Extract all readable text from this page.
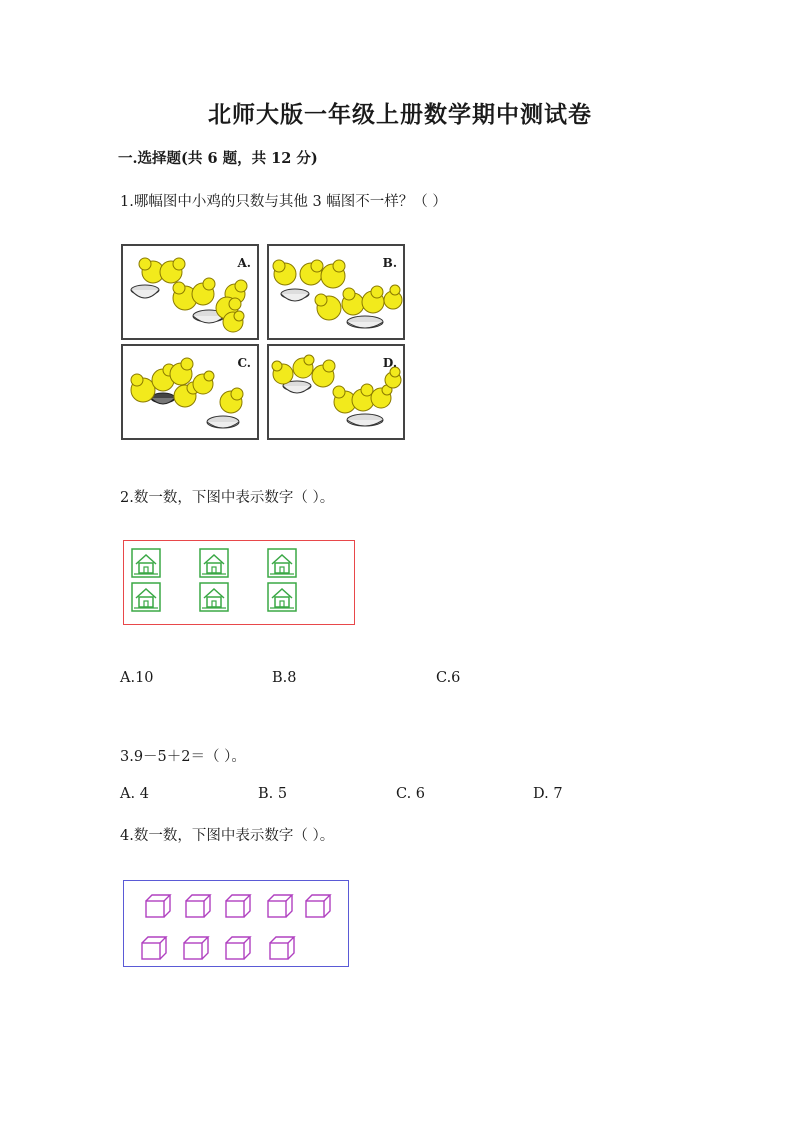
北师大版一年级上册数学期中测试卷
一.选择题(共 6 题，共 12 分)
1.哪幅图中小鸡的只数与其他 3 幅图不一样？（ ）
A.	B.
C.	D.
2.数一数，下图中表示数字（ ）。
A.10	B.8	C.6
3.9－5＋2＝（ ）。
A. 4	B. 5	C. 6	D. 7
4.数一数，下图中表示数字（ ）。
